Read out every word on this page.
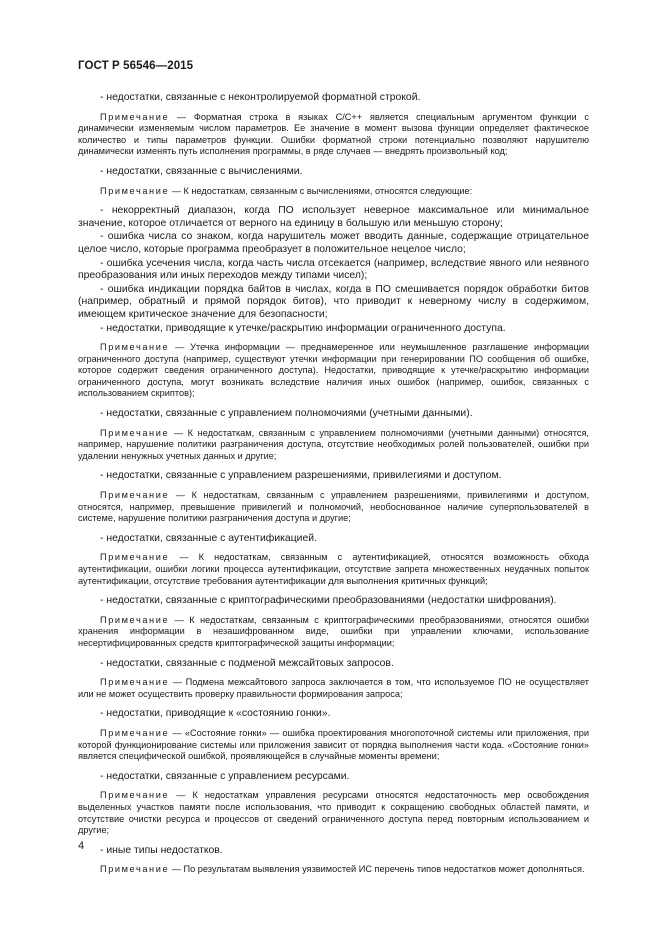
ГОСТ Р 56546—2015

- недостатки, связанные с неконтролируемой форматной строкой.

Примечание — Форматная строка в языках C/C++ является специальным аргументом функции с динамически изменяемым числом параметров. Ее значение в момент вызова функции определяет фактическое количество и типы параметров функции. Ошибки форматной строки потенциально позволяют нарушителю динамически изменять путь исполнения программы, в ряде случаев — внедрять произвольный код;

- недостатки, связанные с вычислениями.

Примечание — К недостаткам, связанным с вычислениями, относятся следующие:

- некорректный диапазон, когда ПО использует неверное максимальное или минимальное значение, которое отличается от верного на единицу в большую или меньшую сторону;

- ошибка числа со знаком, когда нарушитель может вводить данные, содержащие отрицательное целое число, которые программа преобразует в положительное нецелое число;

- ошибка усечения числа, когда часть числа отсекается (например, вследствие явного или неявного преобразования или иных переходов между типами чисел);

- ошибка индикации порядка байтов в числах, когда в ПО смешивается порядок обработки битов (например, обратный и прямой порядок битов), что приводит к неверному числу в содержимом, имеющем критическое значение для безопасности;

- недостатки, приводящие к утечке/раскрытию информации ограниченного доступа.

Примечание — Утечка информации — преднамеренное или неумышленное разглашение информации ограниченного доступа (например, существуют утечки информации при генерировании ПО сообщения об ошибке, которое содержит сведения ограниченного доступа). Недостатки, приводящие к утечке/раскрытию информации ограниченного доступа, могут возникать вследствие наличия иных ошибок (например, ошибок, связанных с использованием скриптов);

- недостатки, связанные с управлением полномочиями (учетными данными).

Примечание — К недостаткам, связанным с управлением полномочиями (учетными данными) относятся, например, нарушение политики разграничения доступа, отсутствие необходимых ролей пользователей, ошибки при удалении ненужных учетных данных и другие;

- недостатки, связанные с управлением разрешениями, привилегиями и доступом.

Примечание — К недостаткам, связанным с управлением разрешениями, привилегиями и доступом, относятся, например, превышение привилегий и полномочий, необоснованное наличие суперпользователей в системе, нарушение политики разграничения доступа и другие;

- недостатки, связанные с аутентификацией.

Примечание — К недостаткам, связанным с аутентификацией, относятся возможность обхода аутентификации, ошибки логики процесса аутентификации, отсутствие запрета множественных неудачных попыток аутентификации, отсутствие требования аутентификации для выполнения критичных функций;

- недостатки, связанные с криптографическими преобразованиями (недостатки шифрования).

Примечание — К недостаткам, связанным с криптографическими преобразованиями, относятся ошибки хранения информации в незашифрованном виде, ошибки при управлении ключами, использование несертифицированных средств криптографической защиты информации;

- недостатки, связанные с подменой межсайтовых запросов.

Примечание — Подмена межсайтового запроса заключается в том, что используемое ПО не осуществляет или не может осуществить проверку правильности формирования запроса;

- недостатки, приводящие к «состоянию гонки».

Примечание — «Состояние гонки» — ошибка проектирования многопоточной системы или приложения, при которой функционирование системы или приложения зависит от порядка выполнения части кода. «Состояние гонки» является специфической ошибкой, проявляющейся в случайные моменты времени;

- недостатки, связанные с управлением ресурсами.

Примечание — К недостаткам управления ресурсами относятся недостаточность мер освобождения выделенных участков памяти после использования, что приводит к сокращению свободных областей памяти, и отсутствие очистки ресурса и процессов от сведений ограниченного доступа перед повторным использованием и другие;

- иные типы недостатков.

Примечание — По результатам выявления уязвимостей ИС перечень типов недостатков может дополняться.

4
